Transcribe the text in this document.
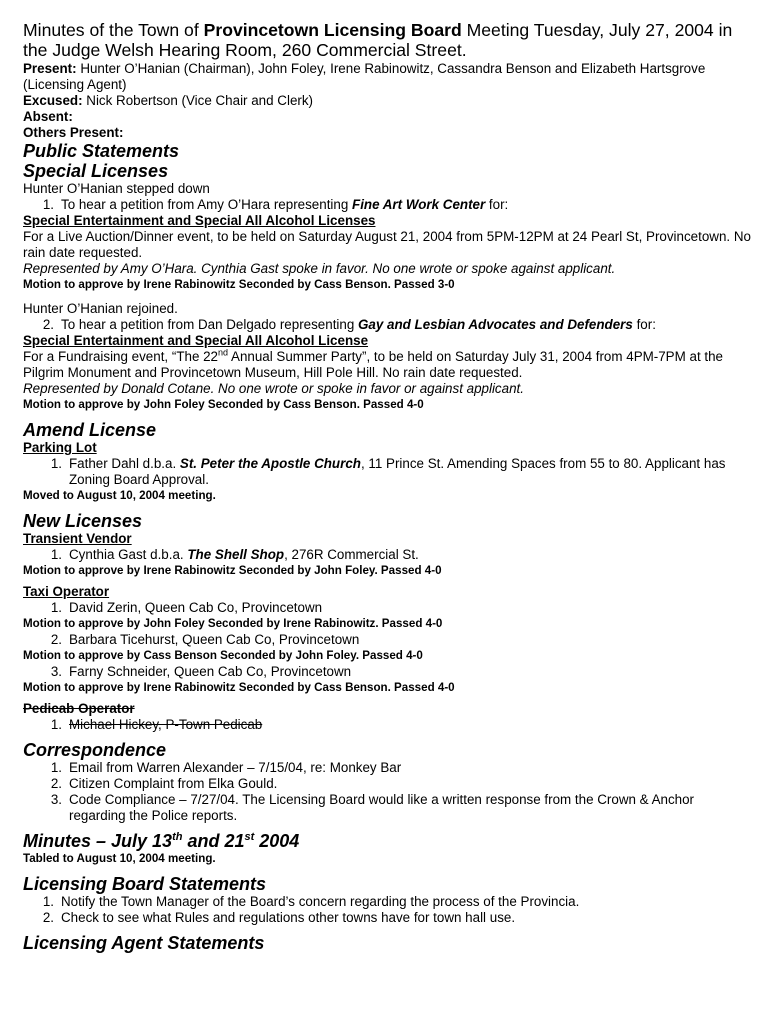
Minutes of the Town of Provincetown Licensing Board Meeting Tuesday, July 27, 2004 in the Judge Welsh Hearing Room, 260 Commercial Street.

Present: Hunter O’Hanian (Chairman), John Foley, Irene Rabinowitz, Cassandra Benson and Elizabeth Hartsgrove (Licensing Agent)

Excused: Nick Robertson (Vice Chair and Clerk)

Absent:

Others Present:

Public Statements

Special Licenses

Hunter O’Hanian stepped down

1. To hear a petition from Amy O’Hara representing Fine Art Work Center for:

Special Entertainment and Special All Alcohol Licenses

For a Live Auction/Dinner event, to be held on Saturday August 21, 2004 from 5PM-12PM at 24 Pearl St, Provincetown. No rain date requested.

Represented by Amy O’Hara. Cynthia Gast spoke in favor. No one wrote or spoke against applicant.

Motion to approve by Irene Rabinowitz Seconded by Cass Benson. Passed 3-0

Hunter O’Hanian rejoined.

2. To hear a petition from Dan Delgado representing Gay and Lesbian Advocates and Defenders for:

Special Entertainment and Special All Alcohol License

For a Fundraising event, “The 22nd Annual Summer Party”, to be held on Saturday July 31, 2004 from 4PM-7PM at the Pilgrim Monument and Provincetown Museum, Hill Pole Hill. No rain date requested.

Represented by Donald Cotane. No one wrote or spoke in favor or against applicant.

Motion to approve by John Foley Seconded by Cass Benson. Passed 4-0

Amend License

Parking Lot

1. Father Dahl d.b.a. St. Peter the Apostle Church, 11 Prince St. Amending Spaces from 55 to 80. Applicant has Zoning Board Approval.

Moved to August 10, 2004 meeting.

New Licenses

Transient Vendor

1. Cynthia Gast d.b.a. The Shell Shop, 276R Commercial St.

Motion to approve by Irene Rabinowitz Seconded by John Foley. Passed 4-0

Taxi Operator

1. David Zerin, Queen Cab Co, Provincetown

Motion to approve by John Foley Seconded by Irene Rabinowitz. Passed 4-0

2. Barbara Ticehurst, Queen Cab Co, Provincetown

Motion to approve by Cass Benson Seconded by John Foley. Passed 4-0

3. Farny Schneider, Queen Cab Co, Provincetown

Motion to approve by Irene Rabinowitz Seconded by Cass Benson. Passed 4-0

Pedicab Operator

1. Michael Hickey, P-Town Pedicab

Correspondence

1. Email from Warren Alexander – 7/15/04, re: Monkey Bar
2. Citizen Complaint from Elka Gould.
3. Code Compliance – 7/27/04. The Licensing Board would like a written response from the Crown & Anchor regarding the Police reports.

Minutes – July 13th and 21st 2004

Tabled to August 10, 2004 meeting.

Licensing Board Statements

1. Notify the Town Manager of the Board’s concern regarding the process of the Provincia.
2. Check to see what Rules and regulations other towns have for town hall use.

Licensing Agent Statements
